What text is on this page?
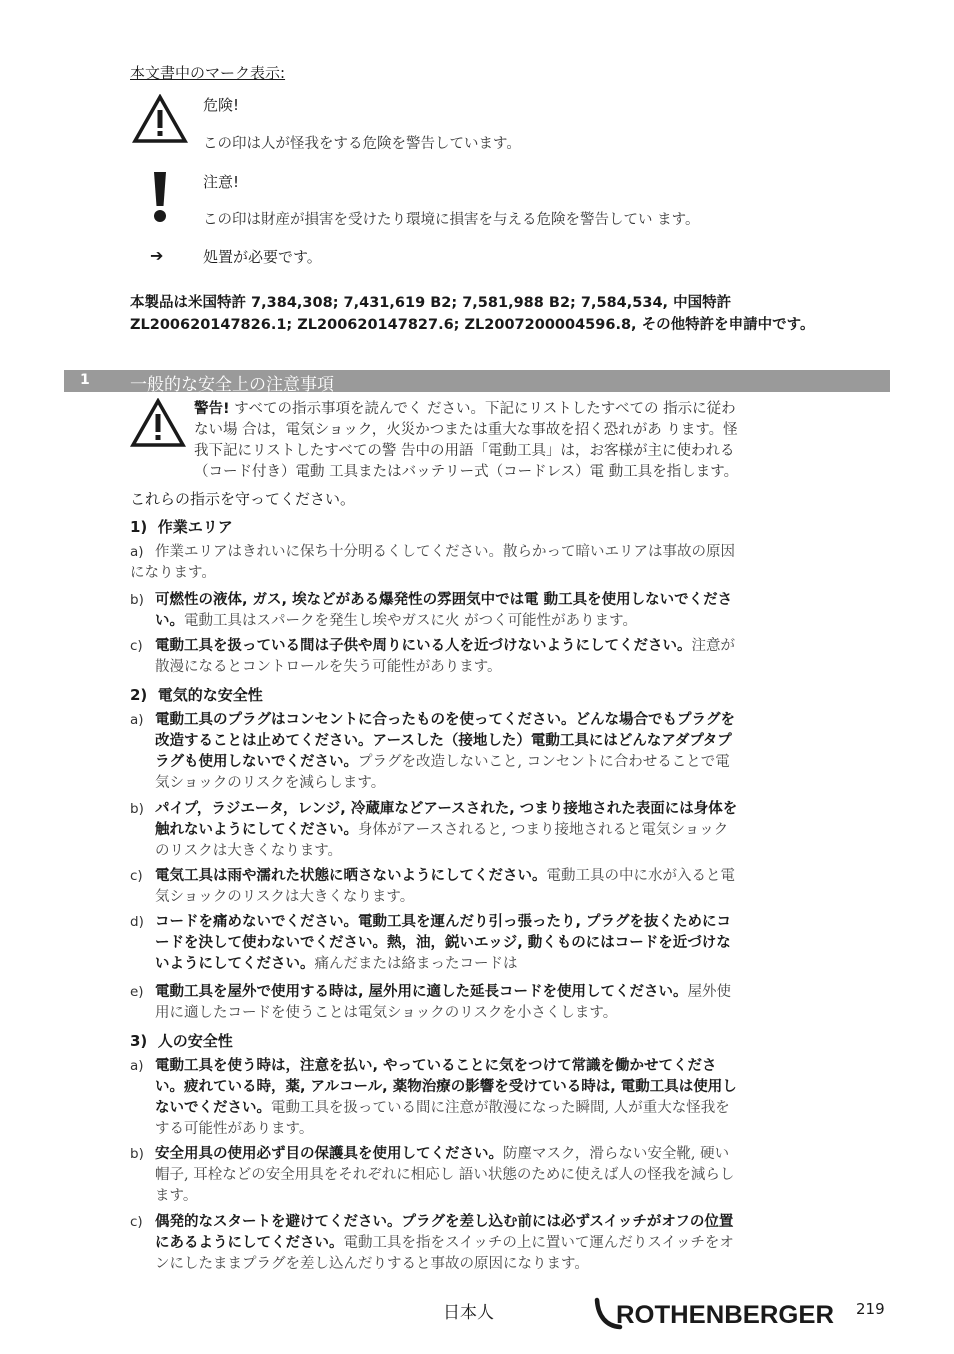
本文書中のマーク表示:
危険!
この印は人が怪我をする危険を警告しています。
注意!
この印は財産が損害を受けたり環境に損害を与える危険を警告してい ます。
➔	処置が必要です。
本製品は米国特許 7,384,308; 7,431,619 B2; 7,581,988 B2; 7,584,534, 中国特許
ZL200620147826.1; ZL200620147827.6; ZL2007200004596.8, その他特許を申請中です。
1 一般的な安全上の注意事項
警告! すべての指示事項を読んでく ださい。下記にリストしたすべての 指示に従わ
ない場 合は，電気ショック，火災かつまたは重大な事故を招く恐れがあ ります。怪
我下記にリストしたすべての警 告中の用語「電動工具」は，お客様が主に使われる
（コード付き）電動 工具またはバッテリー式（コードレス）電 動工具を指します。
これらの指示を守ってください。
1) 作業エリア
a) 作業エリアはきれいに保ち十分明るくしてください。散らかって暗いエリアは事故の原因
になります。
b) 可燃性の液体, ガス, 埃などがある爆発性の雰囲気中では電 動工具を使用しないでくださ
い。電動工具はスパークを発生し埃やガスに火 がつく可能性があります。
c) 電動工具を扱っている間は子供や周りにいる人を近づけないようにしてください。注意が
散漫になるとコントロールを失う可能性があります。
2) 電気的な安全性
a) 電動工具のプラグはコンセントに合ったものを使ってください。どんな場合でもプラグを
改造することは止めてください。アースした（接地した）電動工具にはどんなアダプタプ
ラグも使用しないでください。プラグを改造しないこと, コンセントに合わせることで電
気ショックのリスクを減らします。
b) パイプ，ラジエータ，レンジ, 冷蔵庫などアースされた, つまり接地された表面には身体を
触れないようにしてください。身体がアースされると, つまり接地されると電気ショック
のリスクは大きくなります。
c) 電気工具は雨や濡れた状態に晒さないようにしてください。電動工具の中に水が入ると電
気ショックのリスクは大きくなります。
d) コードを痛めないでください。電動工具を運んだり引っ張ったり, プラグを抜くためにコ
ードを決して使わないでください。熱，油，鋭いエッジ, 動くものにはコードを近づけな
いようにしてください。痛んだまたは絡まったコードは
e) 電動工具を屋外で使用する時は, 屋外用に適した延長コードを使用してください。屋外使
用に適したコードを使うことは電気ショックのリスクを小さくします。
3) 人の安全性
a) 電動工具を使う時は，注意を払い, やっていることに気をつけて常識を働かせてくださ
い。疲れている時，薬, アルコール, 薬物治療の影響を受けている時は, 電動工具は使用し
ないでください。電動工具を扱っている間に注意が散漫になった瞬間, 人が重大な怪我を
する可能性があります。
b) 安全用具の使用必ず目の保護具を使用してください。防塵マスク，滑らない安全靴, 硬い
帽子, 耳栓などの安全用具をそれぞれに相応し 語い状態のために使えば人の怪我を減らし
ます。
c) 偶発的なスタートを避けてください。プラグを差し込む前には必ずスイッチがオフの位置
にあるようにしてください。電動工具を指をスイッチの上に置いて運んだりスイッチをオ
ンにしたままプラグを差し込んだりすると事故の原因になります。
日本人	ROTHENBERGER 219
